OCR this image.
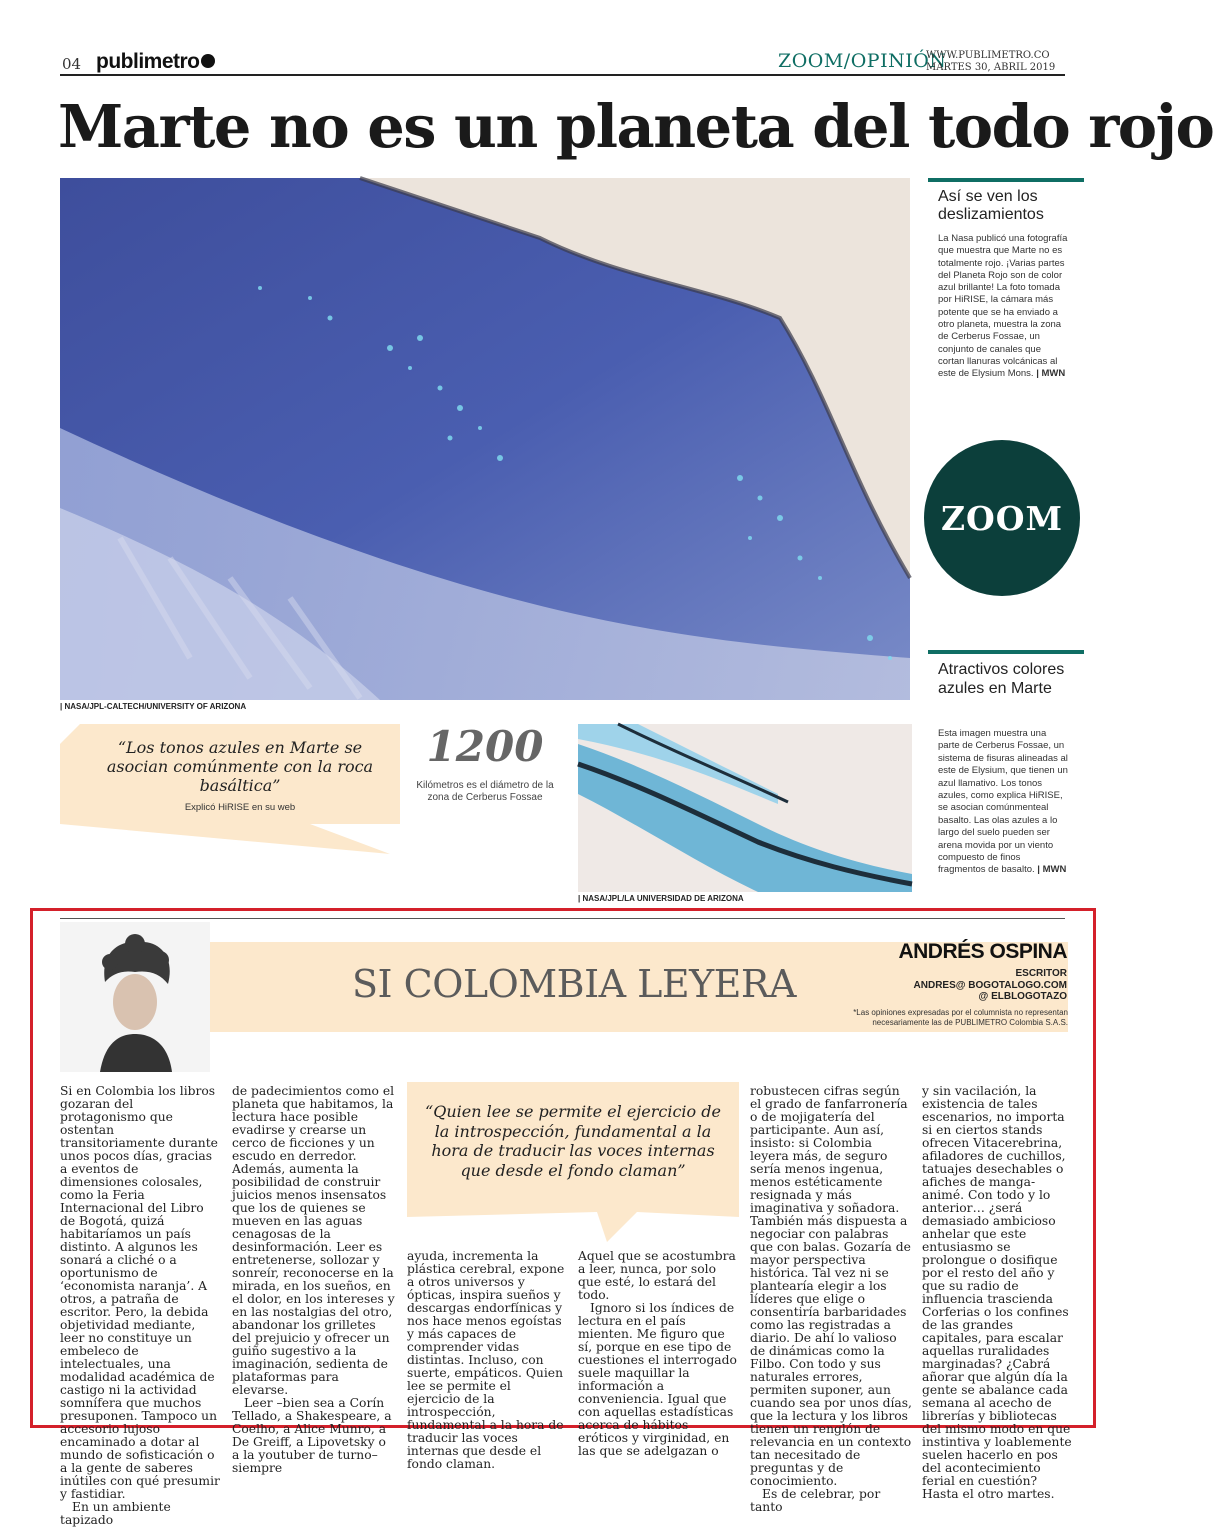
04 publimetro	ZOOM/OPINIÓN
WWW.PUBLIMETRO.CO
MARTES 30, ABRIL 2019
Marte no es un planeta del todo rojo
| NASA/JPL-CALTECH/UNIVERSITY OF ARIZONA
Así se ven los deslizamientos
La Nasa publicó una fotografía que muestra que Marte no es totalmente rojo. ¡Varias partes del Planeta Rojo son de color azul brillante! La foto tomada por HiRISE, la cámara más potente que se ha enviado a otro planeta, muestra la zona de Cerberus Fossae, un conjunto de canales que cortan llanuras volcánicas al este de Elysium Mons. | MWN
ZOOM
Atractivos colores azules en Marte
Esta imagen muestra una parte de Cerberus Fossae, un sistema de fisuras alineadas al este de Elysium, que tienen un azul llamativo. Los tonos azules, como explica HiRISE, se asocian comúnmenteal basalto. Las olas azules a lo largo del suelo pueden ser arena movida por un viento compuesto de finos fragmentos de basalto. | MWN
“Los tonos azules en Marte se asocian comúnmente con la roca basáltica”
Explicó HiRISE en su web
1200
Kilómetros es el diámetro de la zona de Cerberus Fossae
| NASA/JPL/LA UNIVERSIDAD DE ARIZONA
SI COLOMBIA LEYERA
ANDRÉS OSPINA
ESCRITOR
ANDRES@ BOGOTALOGO.COM
@ ELBLOGOTAZO
*Las opiniones expresadas por el columnista no representan necesariamente las de PUBLIMETRO Colombia S.A.S.

Si en Colombia los libros gozaran del protagonismo que ostentan transitoriamente durante unos pocos días, gracias a eventos de dimensiones colosales, como la Feria Internacional del Libro de Bogotá, quizá habitaríamos un país distinto. A algunos les sonará a cliché o a oportunismo de ‘economista naranja’. A otros, a patraña de escritor. Pero, la debida objetividad mediante, leer no constituye un embeleco de intelectuales, una modalidad académica de castigo ni la actividad somnífera que muchos presuponen. Tampoco un accesorio lujoso encaminado a dotar al mundo de sofisticación o a la gente de saberes inútiles con qué presumir y fastidiar.

En un ambiente tapizado

de padecimientos como el planeta que habitamos, la lectura hace posible evadirse y crearse un cerco de ficciones y un escudo en derredor. Además, aumenta la posibilidad de construir juicios menos insensatos que los de quienes se mueven en las aguas cenagosas de la desinformación. Leer es entretenerse, sollozar y sonreír, reconocerse en la mirada, en los sueños, en el dolor, en los intereses y en las nostalgias del otro, abandonar los grilletes del prejuicio y ofrecer un guiño sugestivo a la imaginación, sedienta de plataformas para elevarse.

Leer –bien sea a Corín Tellado, a Shakespeare, a Coelho, a Alice Munro, a De Greiff, a Lipovetsky o a la youtuber de turno– siempre

“Quien lee se permite el ejercicio de la introspección, fundamental a la hora de traducir las voces internas que desde el fondo claman”

ayuda, incrementa la plástica cerebral, expone a otros universos y ópticas, inspira sueños y descargas endorfínicas y nos hace menos egoístas y más capaces de comprender vidas distintas. Incluso, con suerte, empáticos. Quien lee se permite el ejercicio de la introspección, fundamental a la hora de traducir las voces internas que desde el fondo claman.

Aquel que se acostumbra a leer, nunca, por solo que esté, lo estará del todo.

Ignoro si los índices de lectura en el país mienten. Me figuro que sí, porque en ese tipo de cuestiones el interrogado suele maquillar la información a conveniencia. Igual que con aquellas estadísticas acerca de hábitos eróticos y virginidad, en las que se adelgazan o

robustecen cifras según el grado de fanfarronería o de mojigatería del participante. Aun así, insisto: si Colombia leyera más, de seguro sería menos ingenua, menos estéticamente resignada y más imaginativa y soñadora. También más dispuesta a negociar con palabras que con balas. Gozaría de mayor perspectiva histórica. Tal vez ni se plantearía elegir a los líderes que elige o consentiría barbaridades como las registradas a diario. De ahí lo valioso de dinámicas como la Filbo. Con todo y sus naturales errores, permiten suponer, aun cuando sea por unos días, que la lectura y los libros tienen un renglón de relevancia en un contexto tan necesitado de preguntas y de conocimiento.

Es de celebrar, por tanto

y sin vacilación, la existencia de tales escenarios, no importa si en ciertos stands ofrecen Vitacerebrina, afiladores de cuchillos, tatuajes desechables o afiches de manga-animé. Con todo y lo anterior… ¿será demasiado ambicioso anhelar que este entusiasmo se prolongue o dosifique por el resto del año y que su radio de influencia trasciendа Corferias o los confines de las grandes capitales, para escalar aquellas ruralidades marginadas? ¿Cabrá añorar que algún día la gente se abalance cada semana al acecho de librerías y bibliotecas del mismo modo en que instintiva y loablemente suelen hacerlo en pos del acontecimiento ferial en cuestión? Hasta el otro martes.
